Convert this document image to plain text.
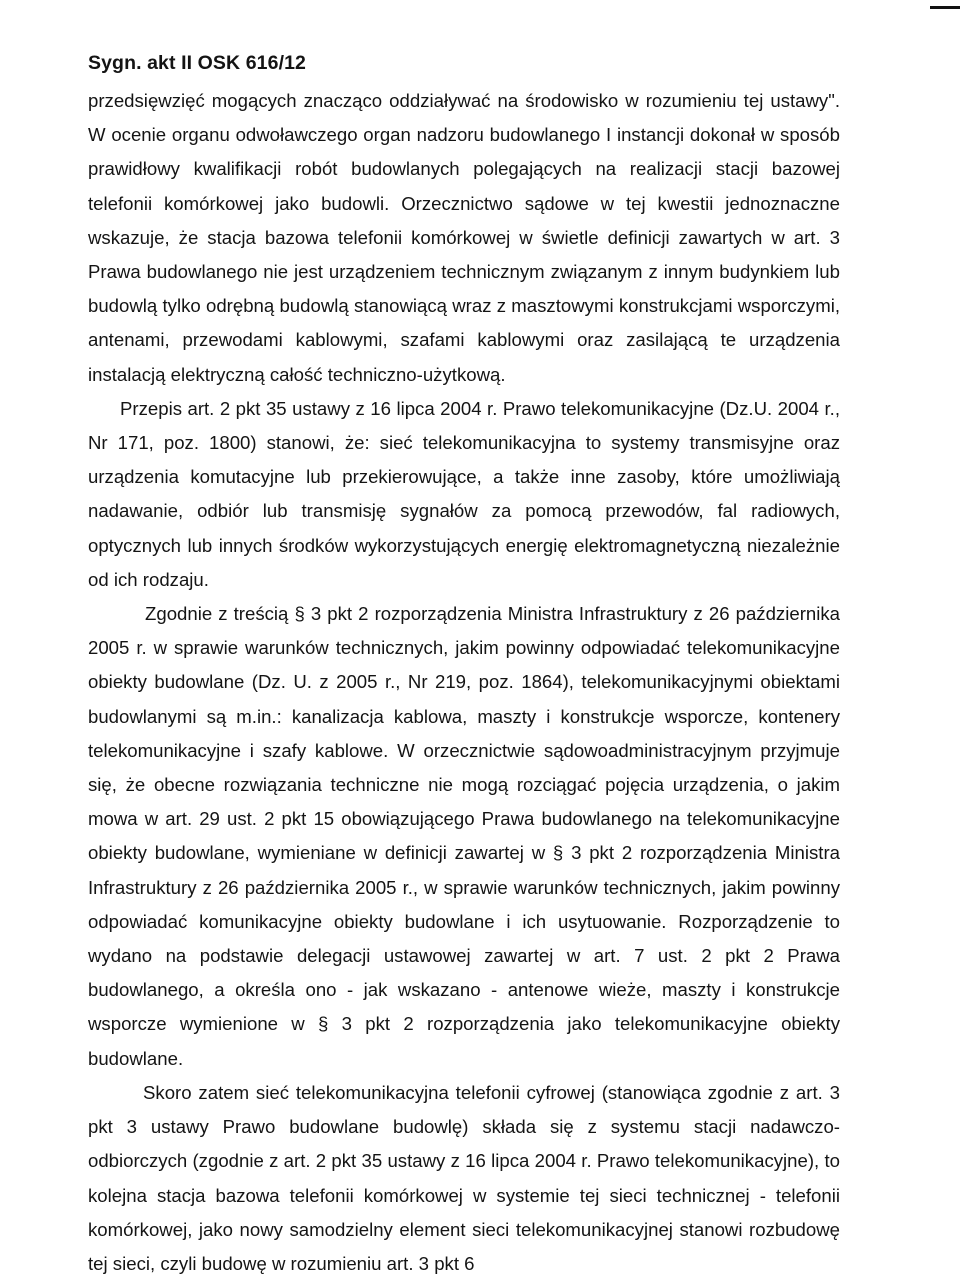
Sygn. akt II OSK 616/12

przedsięwzięć mogących znacząco oddziaływać na środowisko w rozumieniu tej ustawy". W ocenie organu odwoławczego organ nadzoru budowlanego I instancji dokonał w sposób prawidłowy kwalifikacji robót budowlanych polegających na realizacji stacji bazowej telefonii komórkowej jako budowli. Orzecznictwo sądowe w tej kwestii jednoznaczne wskazuje, że stacja bazowa telefonii komórkowej w świetle definicji zawartych w art. 3 Prawa budowlanego nie jest urządzeniem technicznym związanym z innym budynkiem lub budowlą tylko odrębną budowlą stanowiącą wraz z masztowymi konstrukcjami wsporczymi, antenami, przewodami kablowymi, szafami kablowymi oraz zasilającą te urządzenia instalacją elektryczną całość techniczno-użytkową.

Przepis art. 2 pkt 35 ustawy z 16 lipca 2004 r. Prawo telekomunikacyjne (Dz.U. 2004 r., Nr 171, poz. 1800) stanowi, że: sieć telekomunikacyjna to systemy transmisyjne oraz urządzenia komutacyjne lub przekierowujące, a także inne zasoby, które umożliwiają nadawanie, odbiór lub transmisję sygnałów za pomocą przewodów, fal radiowych, optycznych lub innych środków wykorzystujących energię elektromagnetyczną niezależnie od ich rodzaju.

Zgodnie z treścią § 3 pkt 2 rozporządzenia Ministra Infrastruktury z 26 października 2005 r. w sprawie warunków technicznych, jakim powinny odpowiadać telekomunikacyjne obiekty budowlane (Dz. U. z 2005 r., Nr 219, poz. 1864), telekomunikacyjnymi obiektami budowlanymi są m.in.: kanalizacja kablowa, maszty i konstrukcje wsporcze, kontenery telekomunikacyjne i szafy kablowe. W orzecznictwie sądowoadministracyjnym przyjmuje się, że obecne rozwiązania techniczne nie mogą rozciągać pojęcia urządzenia, o jakim mowa w art. 29 ust. 2 pkt 15 obowiązującego Prawa budowlanego na telekomunikacyjne obiekty budowlane, wymieniane w definicji zawartej w § 3 pkt 2 rozporządzenia Ministra Infrastruktury z 26 października 2005 r., w sprawie warunków technicznych, jakim powinny odpowiadać komunikacyjne obiekty budowlane i ich usytuowanie. Rozporządzenie to wydano na podstawie delegacji ustawowej zawartej w art. 7 ust. 2 pkt 2 Prawa budowlanego, a określa ono - jak wskazano - antenowe wieże, maszty i konstrukcje wsporcze wymienione w § 3 pkt 2 rozporządzenia jako telekomunikacyjne obiekty budowlane.

Skoro zatem sieć telekomunikacyjna telefonii cyfrowej (stanowiąca zgodnie z art. 3 pkt 3 ustawy Prawo budowlane budowlę) składa się z systemu stacji nadawczo-odbiorczych (zgodnie z art. 2 pkt 35 ustawy z 16 lipca 2004 r. Prawo telekomunikacyjne), to kolejna stacja bazowa telefonii komórkowej w systemie tej sieci technicznej - telefonii komórkowej, jako nowy samodzielny element sieci telekomunikacyjnej stanowi rozbudowę tej sieci, czyli budowę w rozumieniu art. 3 pkt 6
